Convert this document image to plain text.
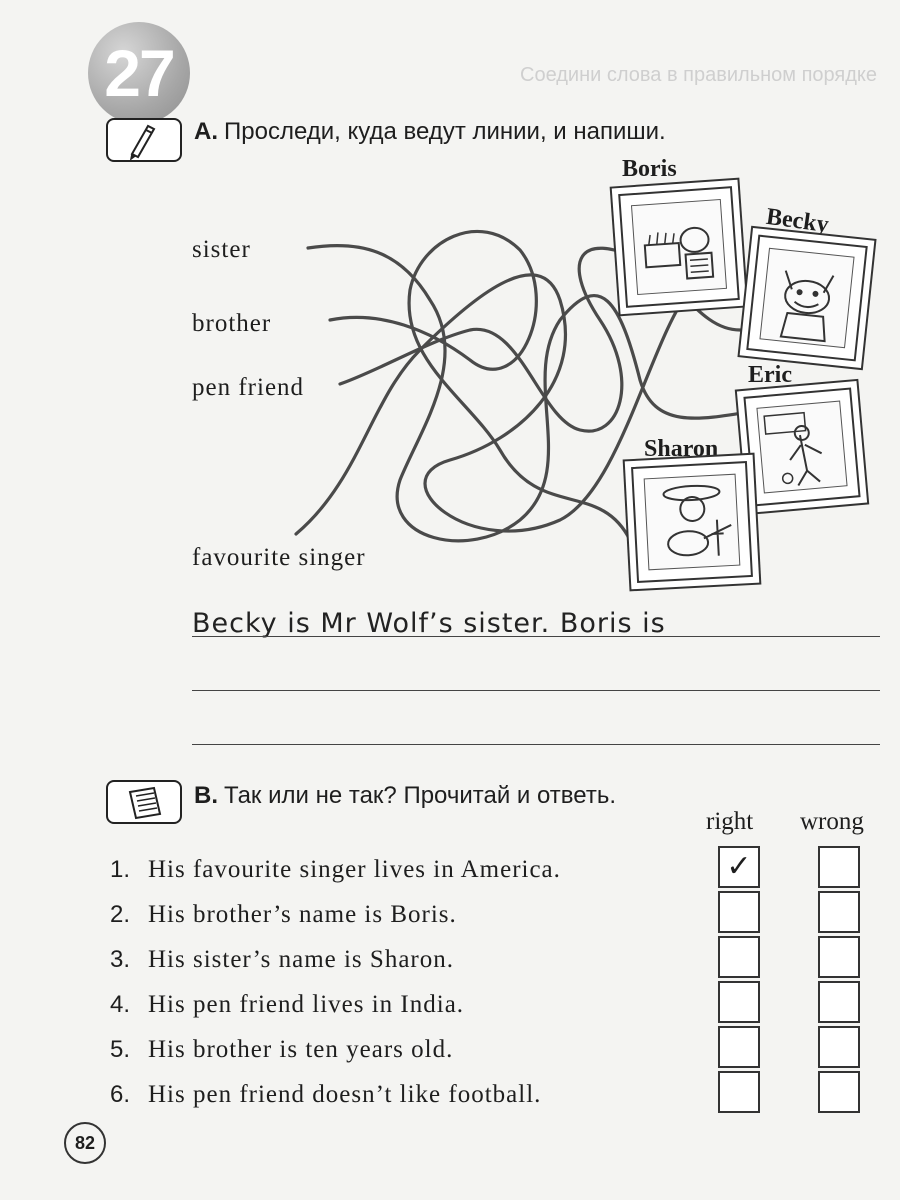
Соедини слова в правильном порядке
27
A. Проследи, куда ведут линии, и напиши.
sister
brother
pen friend
favourite singer
Boris
Becky
Eric
Sharon
Becky is Mr Wolf’s sister. Boris is
B. Так или не так? Прочитай и ответь.
right wrong
1. His favourite singer lives in America.	✓
2. His brother’s name is Boris.
3. His sister’s name is Sharon.
4. His pen friend lives in India.
5. His brother is ten years old.
6. His pen friend doesn’t like football.
82
